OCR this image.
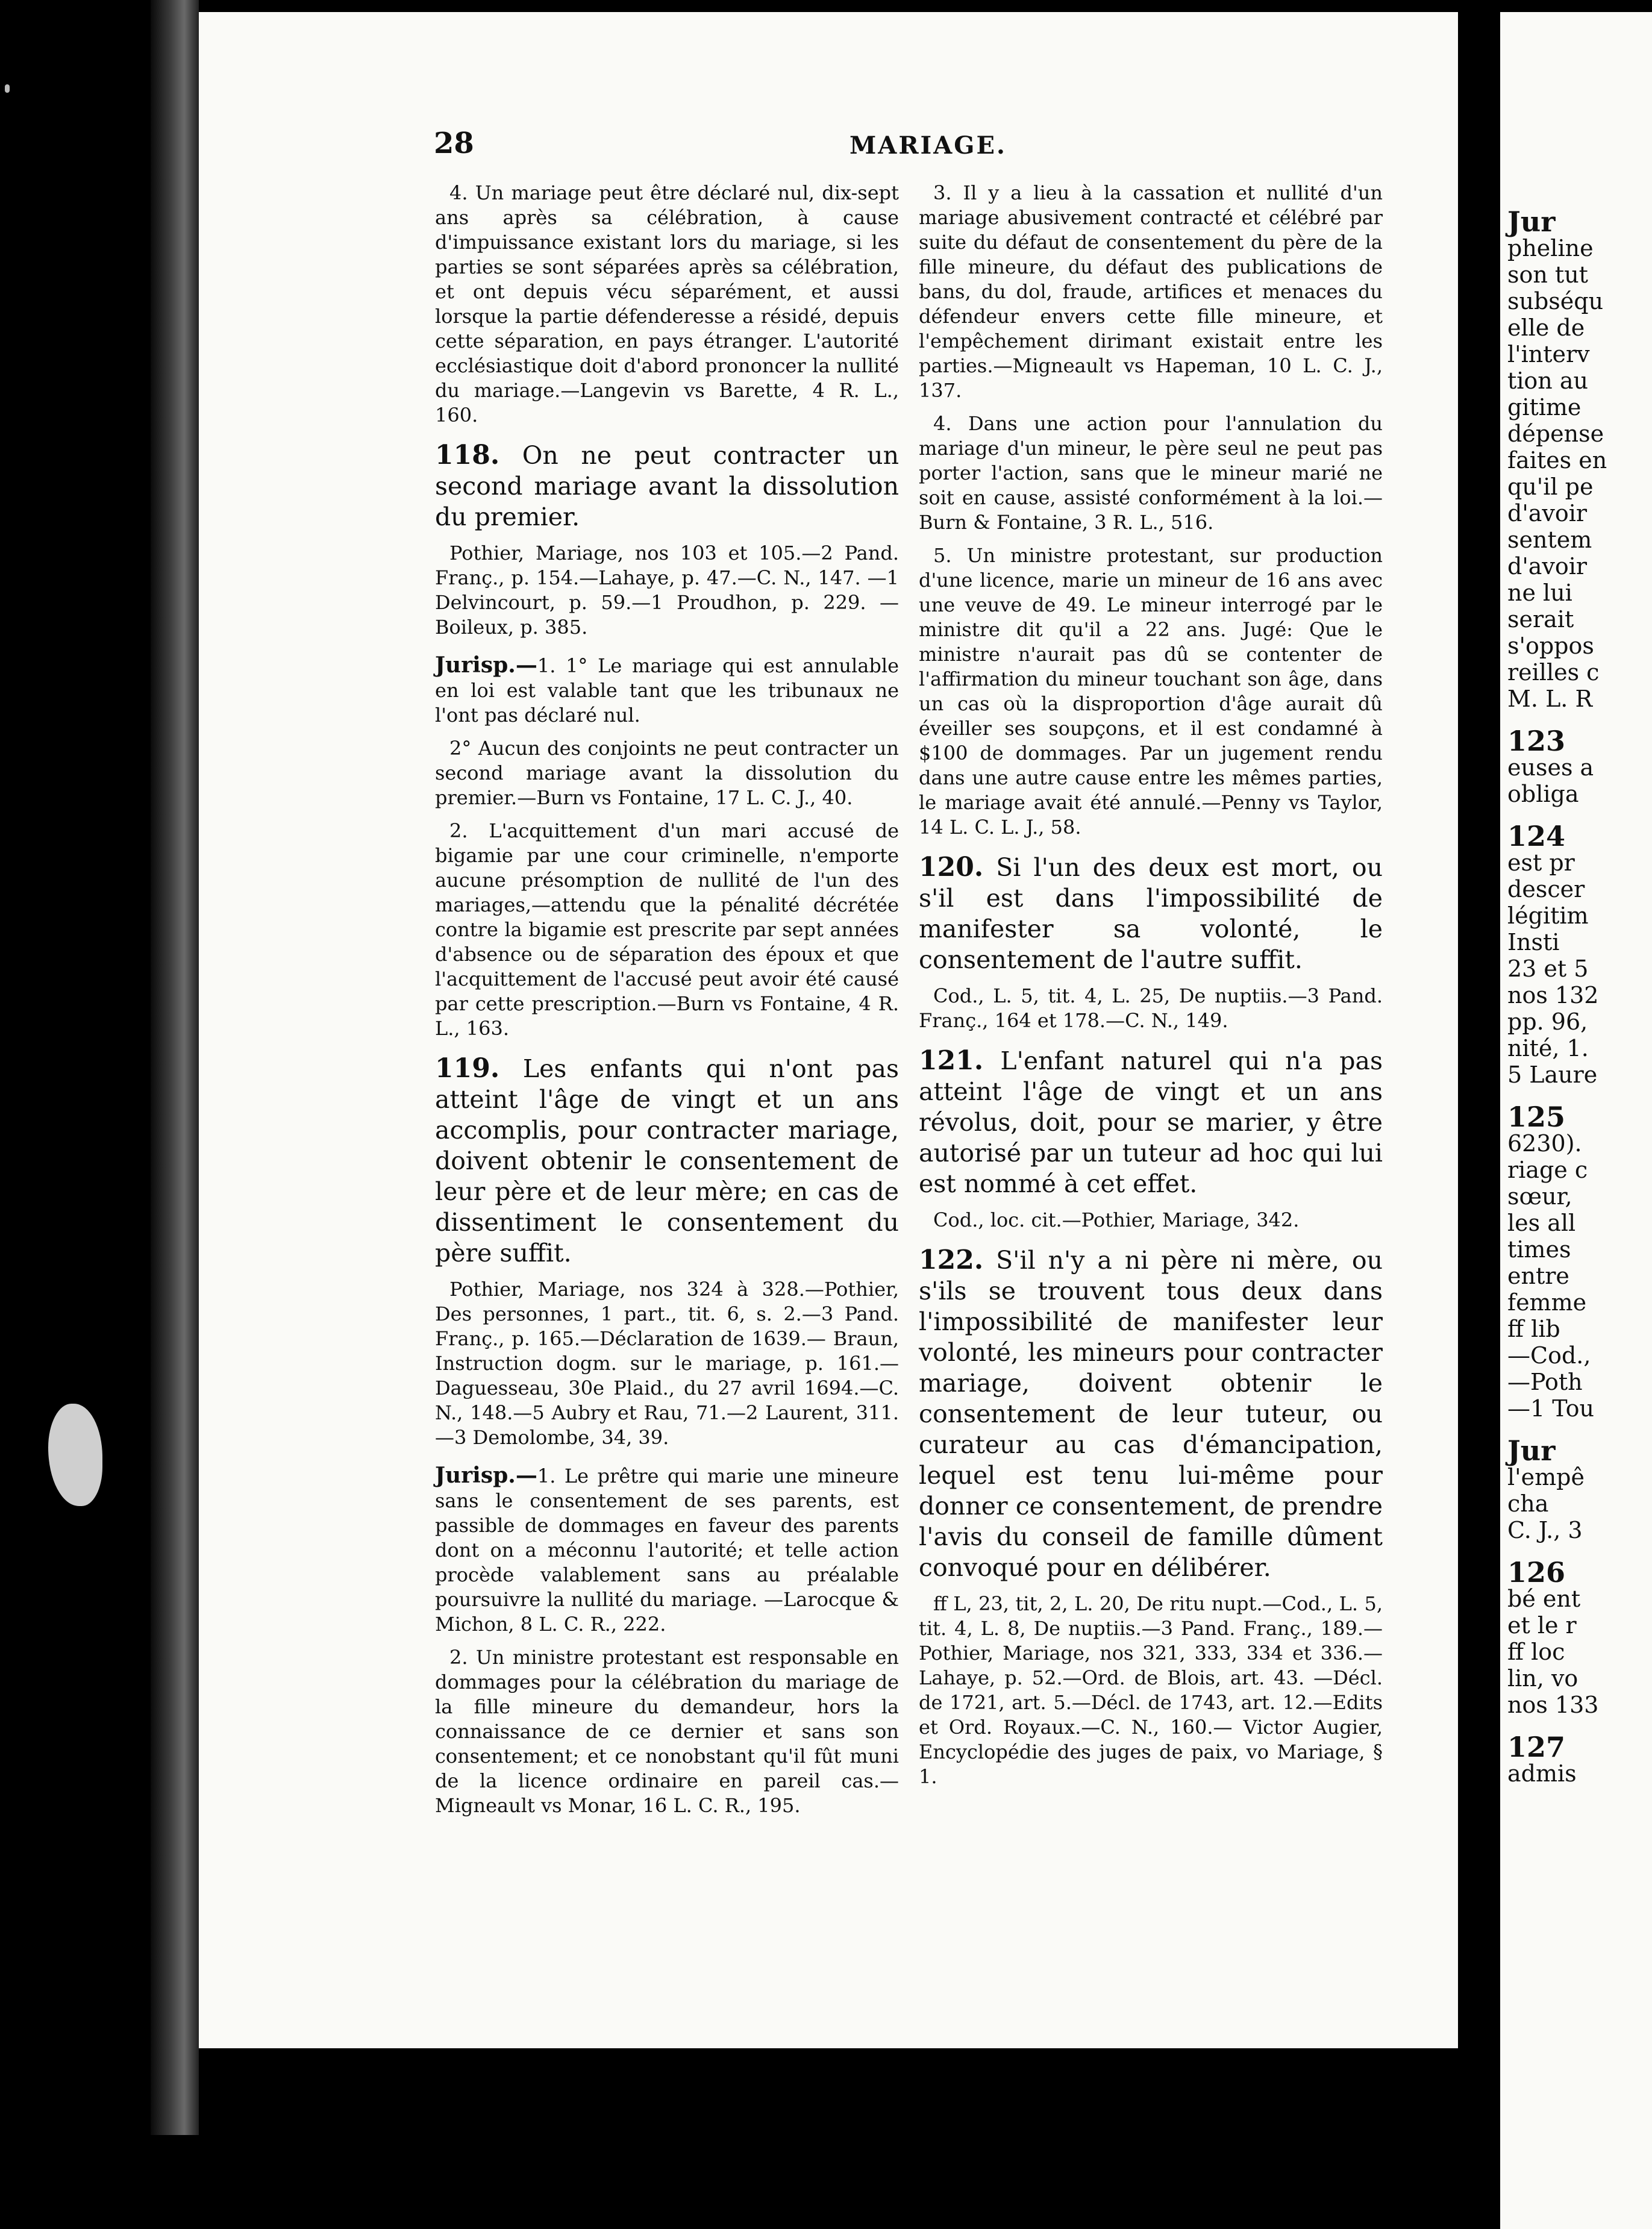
28	MARIAGE.

4. Un mariage peut être déclaré nul, dix-sept ans après sa célébration, à cause d'impuissance existant lors du mariage, si les parties se sont séparées après sa célébration, et ont depuis vécu séparément, et aussi lorsque la partie défenderesse a résidé, depuis cette séparation, en pays étranger. L'autorité ecclésiastique doit d'abord prononcer la nullité du mariage.—Langevin vs Barette, 4 R. L., 160.

118. On ne peut contracter un second mariage avant la dissolution du premier.

Pothier, Mariage, nos 103 et 105.—2 Pand. Franç., p. 154.—Lahaye, p. 47.—C. N., 147. —1 Delvincourt, p. 59.—1 Proudhon, p. 229. —Boileux, p. 385.

Jurisp.—1. 1° Le mariage qui est annulable en loi est valable tant que les tribunaux ne l'ont pas déclaré nul.

2° Aucun des conjoints ne peut contracter un second mariage avant la dissolution du premier.—Burn vs Fontaine, 17 L. C. J., 40.

2. L'acquittement d'un mari accusé de bigamie par une cour criminelle, n'emporte aucune présomption de nullité de l'un des mariages,—attendu que la pénalité décrétée contre la bigamie est prescrite par sept années d'absence ou de séparation des époux et que l'acquittement de l'accusé peut avoir été causé par cette prescription.—Burn vs Fontaine, 4 R. L., 163.

119. Les enfants qui n'ont pas atteint l'âge de vingt et un ans accomplis, pour contracter mariage, doivent obtenir le consentement de leur père et de leur mère; en cas de dissentiment le consentement du père suffit.

Pothier, Mariage, nos 324 à 328.—Pothier, Des personnes, 1 part., tit. 6, s. 2.—3 Pand. Franç., p. 165.—Déclaration de 1639.— Braun, Instruction dogm. sur le mariage, p. 161.—Daguesseau, 30e Plaid., du 27 avril 1694.—C. N., 148.—5 Aubry et Rau, 71.—2 Laurent, 311.—3 Demolombe, 34, 39.

Jurisp.—1. Le prêtre qui marie une mineure sans le consentement de ses parents, est passible de dommages en faveur des parents dont on a méconnu l'autorité; et telle action procède valablement sans au préalable poursuivre la nullité du mariage. —Larocque & Michon, 8 L. C. R., 222.

2. Un ministre protestant est responsable en dommages pour la célébration du mariage de la fille mineure du demandeur, hors la connaissance de ce dernier et sans son consentement; et ce nonobstant qu'il fût muni de la licence ordinaire en pareil cas.—Migneault vs Monar, 16 L. C. R., 195.

3. Il y a lieu à la cassation et nullité d'un mariage abusivement contracté et célébré par suite du défaut de consentement du père de la fille mineure, du défaut des publications de bans, du dol, fraude, artifices et menaces du défendeur envers cette fille mineure, et l'empêchement dirimant existait entre les parties.—Migneault vs Hapeman, 10 L. C. J., 137.

4. Dans une action pour l'annulation du mariage d'un mineur, le père seul ne peut pas porter l'action, sans que le mineur marié ne soit en cause, assisté conformément à la loi.—Burn & Fontaine, 3 R. L., 516.

5. Un ministre protestant, sur production d'une licence, marie un mineur de 16 ans avec une veuve de 49. Le mineur interrogé par le ministre dit qu'il a 22 ans. Jugé: Que le ministre n'aurait pas dû se contenter de l'affirmation du mineur touchant son âge, dans un cas où la disproportion d'âge aurait dû éveiller ses soupçons, et il est condamné à $100 de dommages. Par un jugement rendu dans une autre cause entre les mêmes parties, le mariage avait été annulé.—Penny vs Taylor, 14 L. C. L. J., 58.

120. Si l'un des deux est mort, ou s'il est dans l'impossibilité de manifester sa volonté, le consentement de l'autre suffit.

Cod., L. 5, tit. 4, L. 25, De nuptiis.—3 Pand. Franç., 164 et 178.—C. N., 149.

121. L'enfant naturel qui n'a pas atteint l'âge de vingt et un ans révolus, doit, pour se marier, y être autorisé par un tuteur ad hoc qui lui est nommé à cet effet.

Cod., loc. cit.—Pothier, Mariage, 342.

122. S'il n'y a ni père ni mère, ou s'ils se trouvent tous deux dans l'impossibilité de manifester leur volonté, les mineurs pour contracter mariage, doivent obtenir le consentement de leur tuteur, ou curateur au cas d'émancipation, lequel est tenu lui-même pour donner ce consentement, de prendre l'avis du conseil de famille dûment convoqué pour en délibérer.

ff L, 23, tit, 2, L. 20, De ritu nupt.—Cod., L. 5, tit. 4, L. 8, De nuptiis.—3 Pand. Franç., 189.—Pothier, Mariage, nos 321, 333, 334 et 336.—Lahaye, p. 52.—Ord. de Blois, art. 43. —Décl. de 1721, art. 5.—Décl. de 1743, art. 12.—Edits et Ord. Royaux.—C. N., 160.— Victor Augier, Encyclopédie des juges de paix, vo Mariage, § 1.

Jur
pheline
son tut
subséqu
elle de
l'interv
tion au
gitime
dépense
faites en
qu'il pe
d'avoir
sentem
d'avoir
ne lui
serait
s'oppos
reilles c
M. L. R
123
euses a
obliga
124
est pr
descer
légitim
Insti
23 et 5
nos 132
pp. 96,
nité, 1.
5 Laure
125
6230).
riage c
sœur,
les all
times
entre
femme
ff lib
—Cod.,
—Poth
—1 Tou
Jur
l'empê
cha
C. J., 3
126
bé ent
et le r
ff loc
lin, vo
nos 133
127
admis
